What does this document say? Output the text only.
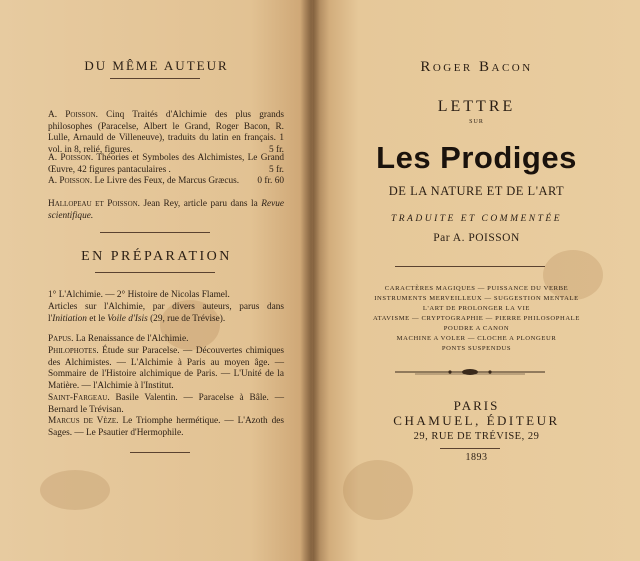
DU MÊME AUTEUR
A. Poisson. Cinq Traités d'Alchimie des plus grands philosophes (Paracelse, Albert le Grand, Roger Bacon, R. Lulle, Arnauld de Villeneuve), traduits du latin en français. 1 vol. in 8, relié, figures.	5 fr.
A. Poisson. Théories et Symboles des Alchimistes, Le Grand Œuvre, 42 figures pantaculaires .	5 fr.
A. Poisson. Le Livre des Feux, de Marcus Græcus. 0 fr. 60
Hallopeau et Poisson. Jean Rey, article paru dans la Revue scientifique.
EN PRÉPARATION
1° L'Alchimie. — 2° Histoire de Nicolas Flamel.
Articles sur l'Alchimie, par divers auteurs, parus dans l'Initiation et le Voile d'Isis (29, rue de Trévise).
Papus. La Renaissance de l'Alchimie.
Philophotes. Étude sur Paracelse. — Découvertes chimiques des Alchimistes. — L'Alchimie à Paris au moyen âge. — Sommaire de l'Histoire alchimique de Paris. — L'Unité de la Matière. — l'Alchimie à l'Institut.
Saint-Fargeau. Basile Valentin. — Paracelse à Bâle. — Bernard le Trévisan.
Marcus de Vèze. Le Triomphe hermétique. — L'Azoth des Sages. — Le Psautier d'Hermophile.
Roger Bacon
LETTRE
SUR
Les Prodiges
DE LA NATURE ET DE L'ART
TRADUITE ET COMMENTÉE
Par A. POISSON
CARACTÈRES MAGIQUES — PUISSANCE DU VERBE
INSTRUMENTS MERVEILLEUX — SUGGESTION MENTALE
L'ART DE PROLONGER LA VIE
ATAVISME — CRYPTOGRAPHIE — PIERRE PHILOSOPHALE
POUDRE A CANON
MACHINE A VOLER — CLOCHE A PLONGEUR
PONTS SUSPENDUS
PARIS
CHAMUEL, ÉDITEUR
29, RUE DE TRÉVISE, 29
1893
